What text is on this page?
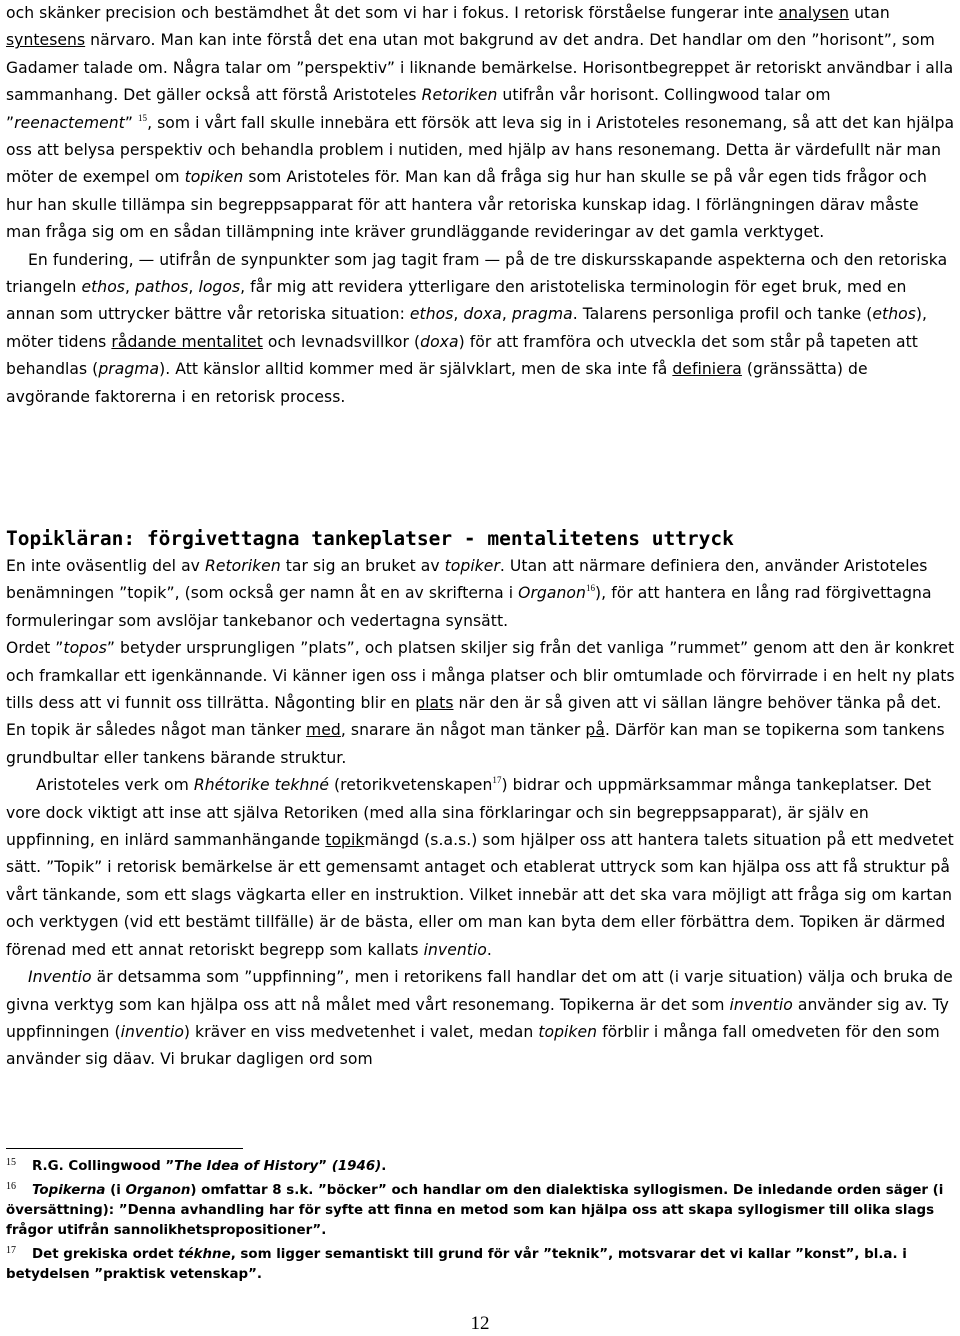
och skänker precision och bestämdhet åt det som vi har i fokus. I retorisk förståelse fungerar inte analysen utan syntesens närvaro. Man kan inte förstå det ena utan mot bakgrund av det andra. Det handlar om den ”horisont”, som Gadamer talade om. Några talar om ”perspektiv” i liknande bemärkelse. Horisontbegreppet är retoriskt användbar i alla sammanhang. Det gäller också att förstå Aristoteles Retoriken utifrån vår horisont. Collingwood talar om ”reenactement” $^{15}$, som i vårt fall skulle innebära ett försök att leva sig in i Aristoteles resonemang, så att det kan hjälpa oss att belysa perspektiv och behandla problem i nutiden, med hjälp av hans resonemang. Detta är värdefullt när man möter de exempel om topiken som Aristoteles för. Man kan då fråga sig hur han skulle se på vår egen tids frågor och hur han skulle tillämpa sin begreppsapparat för att hantera vår retoriska kunskap idag. I förlängningen därav måste man fråga sig om en sådan tillämpning inte kräver grundläggande revideringar av det gamla verktyget.

En fundering, — utifrån de synpunkter som jag tagit fram — på de tre diskursskapande aspekterna och den retoriska triangeln ethos, pathos, logos, får mig att revidera ytterligare den aristoteliska terminologin för eget bruk, med en annan som uttrycker bättre vår retoriska situation: ethos, doxa, pragma. Talarens personliga profil och tanke (ethos), möter tidens rådande mentalitet och levnadsvillkor (doxa) för att framföra och utveckla det som står på tapeten att behandlas (pragma). Att känslor alltid kommer med är självklart, men de ska inte få definiera (gränssätta) de avgörande faktorerna i en retorisk process.

Topikläran: förgivettagna tankeplatser - mentalitetens uttryck

En inte oväsentlig del av Retoriken tar sig an bruket av topiker. Utan att närmare definiera den, använder Aristoteles benämningen ”topik”, (som också ger namn åt en av skrifterna i Organon$^{16}$), för att hantera en lång rad förgivettagna formuleringar som avslöjar tankebanor och vedertagna synsätt.

Ordet ”topos” betyder ursprungligen ”plats”, och platsen skiljer sig från det vanliga ”rummet” genom att den är konkret och framkallar ett igenkännande. Vi känner igen oss i många platser och blir omtumlade och förvirrade i en helt ny plats tills dess att vi funnit oss tillrätta. Någonting blir en plats när den är så given att vi sällan längre behöver tänka på det. En topik är således något man tänker med, snarare än något man tänker på. Därför kan man se topikerna som tankens grundbultar eller tankens bärande struktur.

Aristoteles verk om Rhétorike tekhné (retorikvetenskapen$^{17}$) bidrar och uppmärksammar många tankeplatser. Det vore dock viktigt att inse att själva Retoriken (med alla sina förklaringar och sin begreppsapparat), är själv en uppfinning, en inlärd sammanhängande topikmängd (s.a.s.) som hjälper oss att hantera talets situation på ett medvetet sätt. ”Topik” i retorisk bemärkelse är ett gemensamt antaget och etablerat uttryck som kan hjälpa oss att få struktur på vårt tänkande, som ett slags vägkarta eller en instruktion. Vilket innebär att det ska vara möjligt att fråga sig om kartan och verktygen (vid ett bestämt tillfälle) är de bästa, eller om man kan byta dem eller förbättra dem. Topiken är därmed förenad med ett annat retoriskt begrepp som kallats inventio.

Inventio är detsamma som ”uppfinning”, men i retorikens fall handlar det om att (i varje situation) välja och bruka de givna verktyg som kan hjälpa oss att nå målet med vårt resonemang. Topikerna är det som inventio använder sig av. Ty uppfinningen (inventio) kräver en viss medvetenhet i valet, medan topiken förblir i många fall omedveten för den som använder sig däav. Vi brukar dagligen ord som

$^{15}$ R.G. Collingwood ”The Idea of History” (1946).

$^{16}$ Topikerna (i Organon) omfattar 8 s.k. ”böcker” och handlar om den dialektiska syllogismen. De inledande orden säger (i översättning): ”Denna avhandling har för syfte att finna en metod som kan hjälpa oss att skapa syllogismer till olika slags frågor utifrån sannolikhetspropositioner”.

$^{17}$ Det grekiska ordet tékhne, som ligger semantiskt till grund för vår ”teknik”, motsvarar det vi kallar ”konst”, bl.a. i betydelsen ”praktisk vetenskap”.

12
